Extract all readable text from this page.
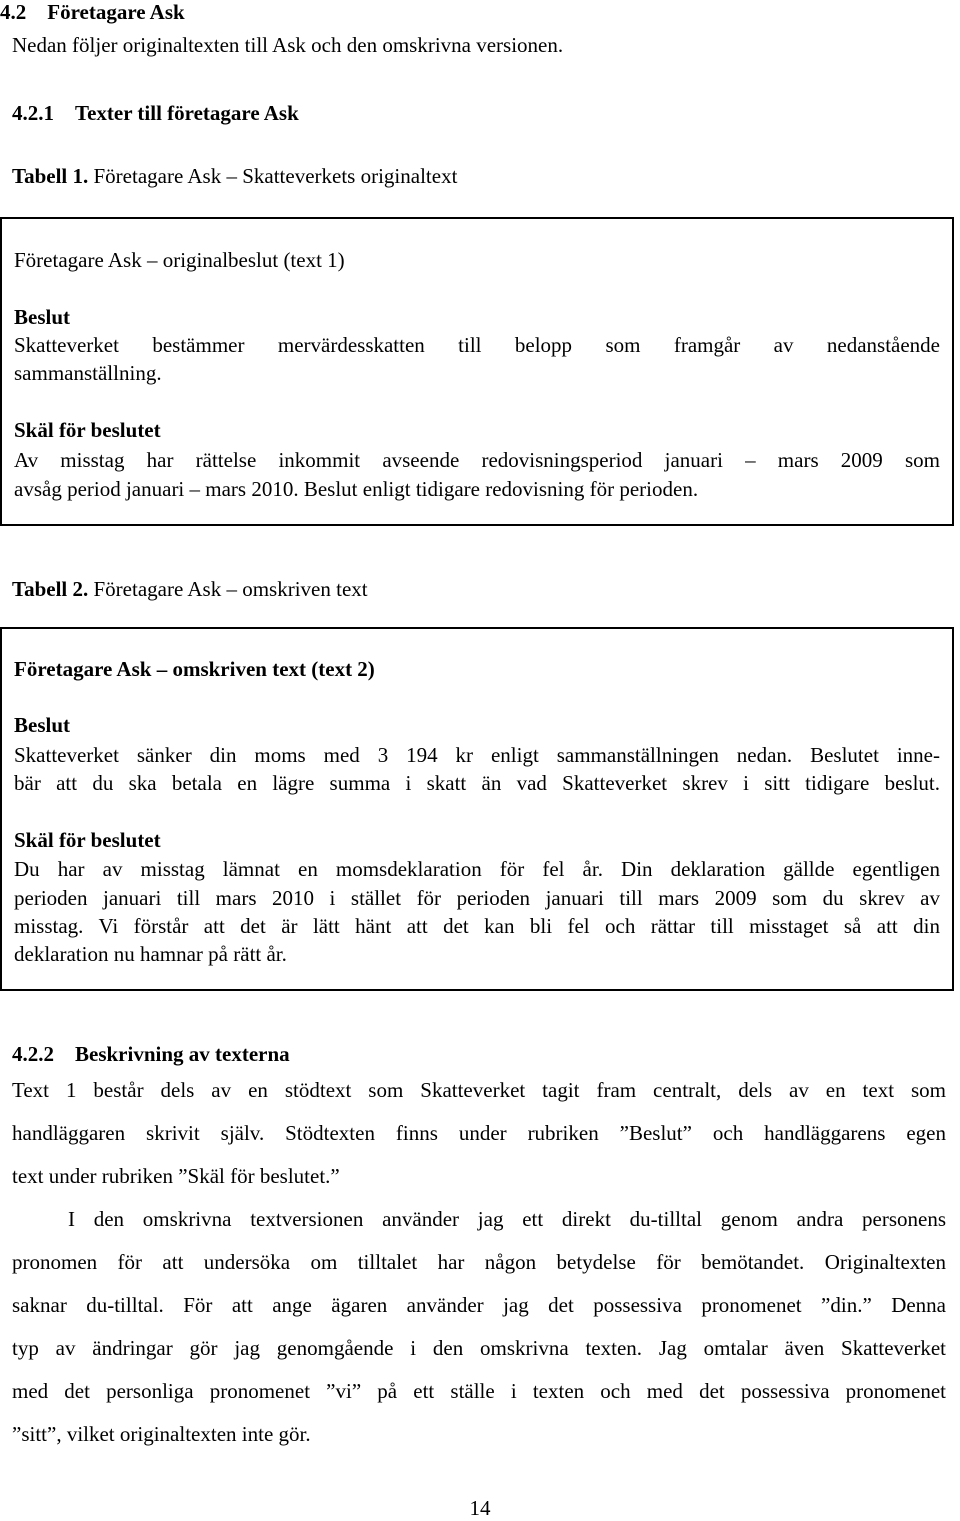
4.2 Företagare Ask
Nedan följer originaltexten till Ask och den omskrivna versionen.
4.2.1 Texter till företagare Ask
Tabell 1. Företagare Ask – Skatteverkets originaltext
Företagare Ask – originalbeslut (text 1)
Beslut
Skatteverket bestämmer mervärdesskatten till belopp som framgår av nedanstående
sammanställning.
Skäl för beslutet
Av misstag har rättelse inkommit avseende redovisningsperiod januari – mars 2009 som
avsåg period januari – mars 2010. Beslut enligt tidigare redovisning för perioden.
Tabell 2. Företagare Ask – omskriven text
Företagare Ask – omskriven text (text 2)
Beslut
Skatteverket sänker din moms med 3 194 kr enligt sammanställningen nedan. Beslutet inne-
bär att du ska betala en lägre summa i skatt än vad Skatteverket skrev i sitt tidigare beslut.
Skäl för beslutet
Du har av misstag lämnat en momsdeklaration för fel år. Din deklaration gällde egentligen
perioden januari till mars 2010 i stället för perioden januari till mars 2009 som du skrev av
misstag. Vi förstår att det är lätt hänt att det kan bli fel och rättar till misstaget så att din
deklaration nu hamnar på rätt år.
4.2.2 Beskrivning av texterna
Text 1 består dels av en stödtext som Skatteverket tagit fram centralt, dels av en text som
handläggaren skrivit själv. Stödtexten finns under rubriken ”Beslut” och handläggarens egen
text under rubriken ”Skäl för beslutet.”
I den omskrivna textversionen använder jag ett direkt du-tilltal genom andra personens
pronomen för att undersöka om tilltalet har någon betydelse för bemötandet. Originaltexten
saknar du-tilltal. För att ange ägaren använder jag det possessiva pronomenet ”din.” Denna
typ av ändringar gör jag genomgående i den omskrivna texten. Jag omtalar även Skatteverket
med det personliga pronomenet ”vi” på ett ställe i texten och med det possessiva pronomenet
”sitt”, vilket originaltexten inte gör.
14
